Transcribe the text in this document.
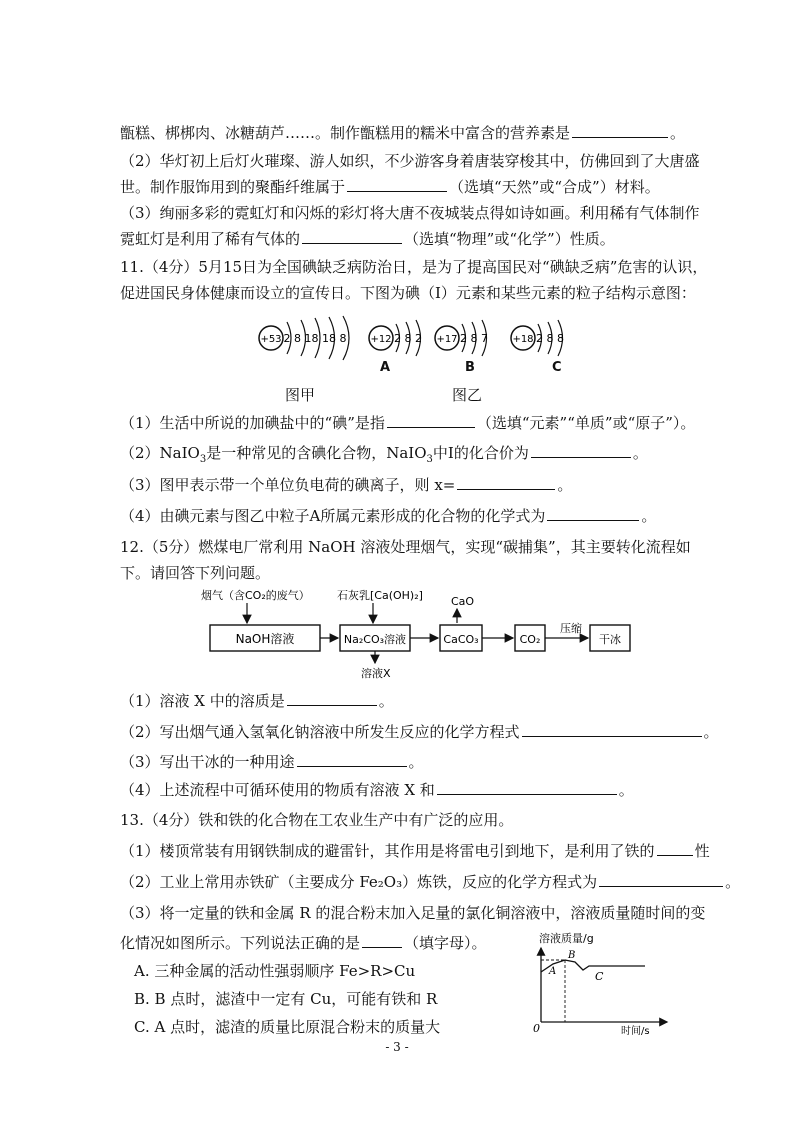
甑糕、梆梆肉、冰糖葫芦……。制作甑糕用的糯米中富含的营养素是	。
（2）华灯初上后灯火璀璨、游人如织，不少游客身着唐装穿梭其中，仿佛回到了大唐盛
世。制作服饰用到的聚酯纤维属于	（选填“天然”或“合成”）材料。
（3）绚丽多彩的霓虹灯和闪烁的彩灯将大唐不夜城装点得如诗如画。利用稀有气体制作
霓虹灯是利用了稀有气体的	（选填“物理”或“化学”）性质。
11.（4分）5月15日为全国碘缺乏病防治日，是为了提高国民对“碘缺乏病”危害的认识，
促进国民身体健康而设立的宣传日。下图为碘（I）元素和某些元素的粒子结构示意图：
+53 2 8 18 18 8 +12 2 8 2 +17 2 8 7 +18 2 8 8
A	B	C
图甲	图乙
（1）生活中所说的加碘盐中的“碘”是指	（选填“元素”“单质”或“原子”）。
（2）NaIO$_3$是一种常见的含碘化合物，NaIO$_3$中I的化合价为	。
（3）图甲表示带一个单位负电荷的碘离子，则 x=	。
（4）由碘元素与图乙中粒子A所属元素形成的化合物的化学式为	。
12.（5分）燃煤电厂常利用 NaOH 溶液处理烟气，实现“碳捕集”，其主要转化流程如
下。请回答下列问题。
烟气（含CO₂的废气） 石灰乳[Ca(OH)₂]	CaO
NaOH溶液	Na₂CO₃溶液	CaCO₃	CO₂
压缩
干冰
溶液X
（1）溶液 X 中的溶质是	。
（2）写出烟气通入氢氧化钠溶液中所发生反应的化学方程式	。
（3）写出干冰的一种用途	。
（4）上述流程中可循环使用的物质有溶液 X 和	。
13.（4分）铁和铁的化合物在工农业生产中有广泛的应用。
（1）楼顶常装有用钢铁制成的避雷针，其作用是将雷电引到地下，是利用了铁的	性
（2）工业上常用赤铁矿（主要成分 Fe₂O₃）炼铁，反应的化学方程式为	。
（3）将一定量的铁和金属 R 的混合粉末加入足量的氯化铜溶液中，溶液质量随时间的变
化情况如图所示。下列说法正确的是	（填字母）。
A. 三种金属的活动性强弱顺序 Fe>R>Cu
B. B 点时，滤渣中一定有 Cu，可能有铁和 R
C. A 点时，滤渣的质量比原混合粉末的质量大
溶液质量/g
0	时间/s
A
B
C
- 3 -
